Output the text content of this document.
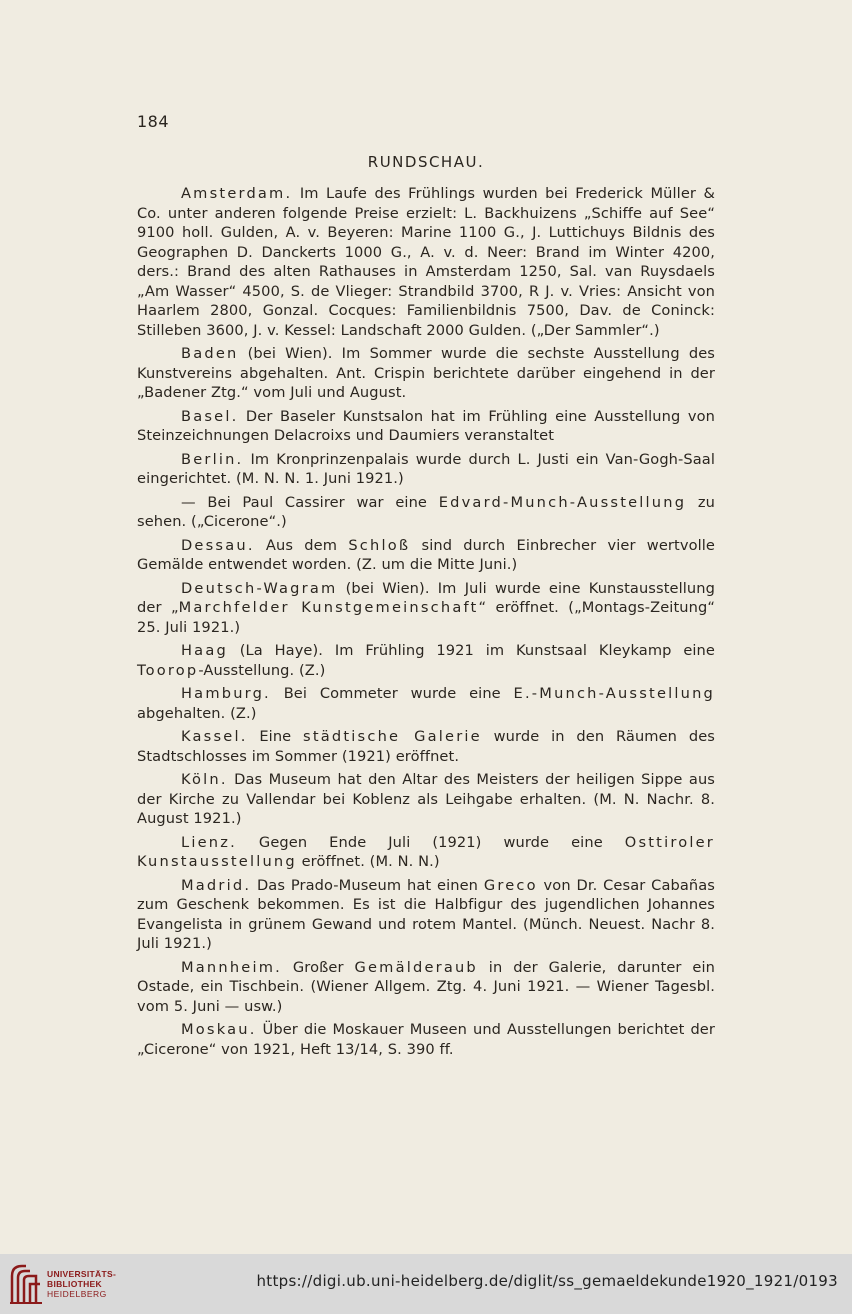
184
RUNDSCHAU.

Amsterdam. Im Laufe des Frühlings wurden bei Frederick Müller & Co. unter anderen folgende Preise erzielt: L. Backhuizens „Schiffe auf See“ 9100 holl. Gulden, A. v. Beyeren: Marine 1100 G., J. Luttichuys Bildnis des Geographen D. Danckerts 1000 G., A. v. d. Neer: Brand im Winter 4200, ders.: Brand des alten Rathauses in Amsterdam 1250, Sal. van Ruysdaels „Am Wasser“ 4500, S. de Vlieger: Strandbild 3700, R J. v. Vries: Ansicht von Haarlem 2800, Gonzal. Cocques: Familienbildnis 7500, Dav. de Coninck: Stilleben 3600, J. v. Kessel: Landschaft 2000 Gulden. („Der Sammler“.)

Baden (bei Wien). Im Sommer wurde die sechste Ausstellung des Kunstvereins abgehalten. Ant. Crispin berichtete darüber eingehend in der „Badener Ztg.“ vom Juli und August.

Basel. Der Baseler Kunstsalon hat im Frühling eine Ausstellung von Steinzeichnungen Delacroixs und Daumiers veranstaltet

Berlin. Im Kronprinzenpalais wurde durch L. Justi ein Van-Gogh-Saal eingerichtet. (M. N. N. 1. Juni 1921.)

— Bei Paul Cassirer war eine Edvard-Munch-Ausstellung zu sehen. („Cicerone“.)

Dessau. Aus dem Schloß sind durch Einbrecher vier wertvolle Gemälde entwendet worden. (Z. um die Mitte Juni.)

Deutsch-Wagram (bei Wien). Im Juli wurde eine Kunstausstellung der „Marchfelder Kunstgemeinschaft“ eröffnet. („Montags-Zeitung“ 25. Juli 1921.)

Haag (La Haye). Im Frühling 1921 im Kunstsaal Kleykamp eine Toorop-Ausstellung. (Z.)

Hamburg. Bei Commeter wurde eine E.-Munch-Ausstellung abgehalten. (Z.)

Kassel. Eine städtische Galerie wurde in den Räumen des Stadtschlosses im Sommer (1921) eröffnet.

Köln. Das Museum hat den Altar des Meisters der heiligen Sippe aus der Kirche zu Vallendar bei Koblenz als Leihgabe erhalten. (M. N. Nachr. 8. August 1921.)

Lienz. Gegen Ende Juli (1921) wurde eine Osttiroler Kunstausstellung eröffnet. (M. N. N.)

Madrid. Das Prado-Museum hat einen Greco von Dr. Cesar Cabañas zum Geschenk bekommen. Es ist die Halbfigur des jugendlichen Johannes Evangelista in grünem Gewand und rotem Mantel. (Münch. Neuest. Nachr 8. Juli 1921.)

Mannheim. Großer Gemälderaub in der Galerie, darunter ein Ostade, ein Tischbein. (Wiener Allgem. Ztg. 4. Juni 1921. — Wiener Tagesbl. vom 5. Juni — usw.)

Moskau. Über die Moskauer Museen und Ausstellungen berichtet der „Cicerone“ von 1921, Heft 13/14, S. 390 ff.

UNIVERSITÄTS-
BIBLIOTHEK
HEIDELBERG
https://digi.ub.uni-heidelberg.de/diglit/ss_gemaeldekunde1920_1921/0193
